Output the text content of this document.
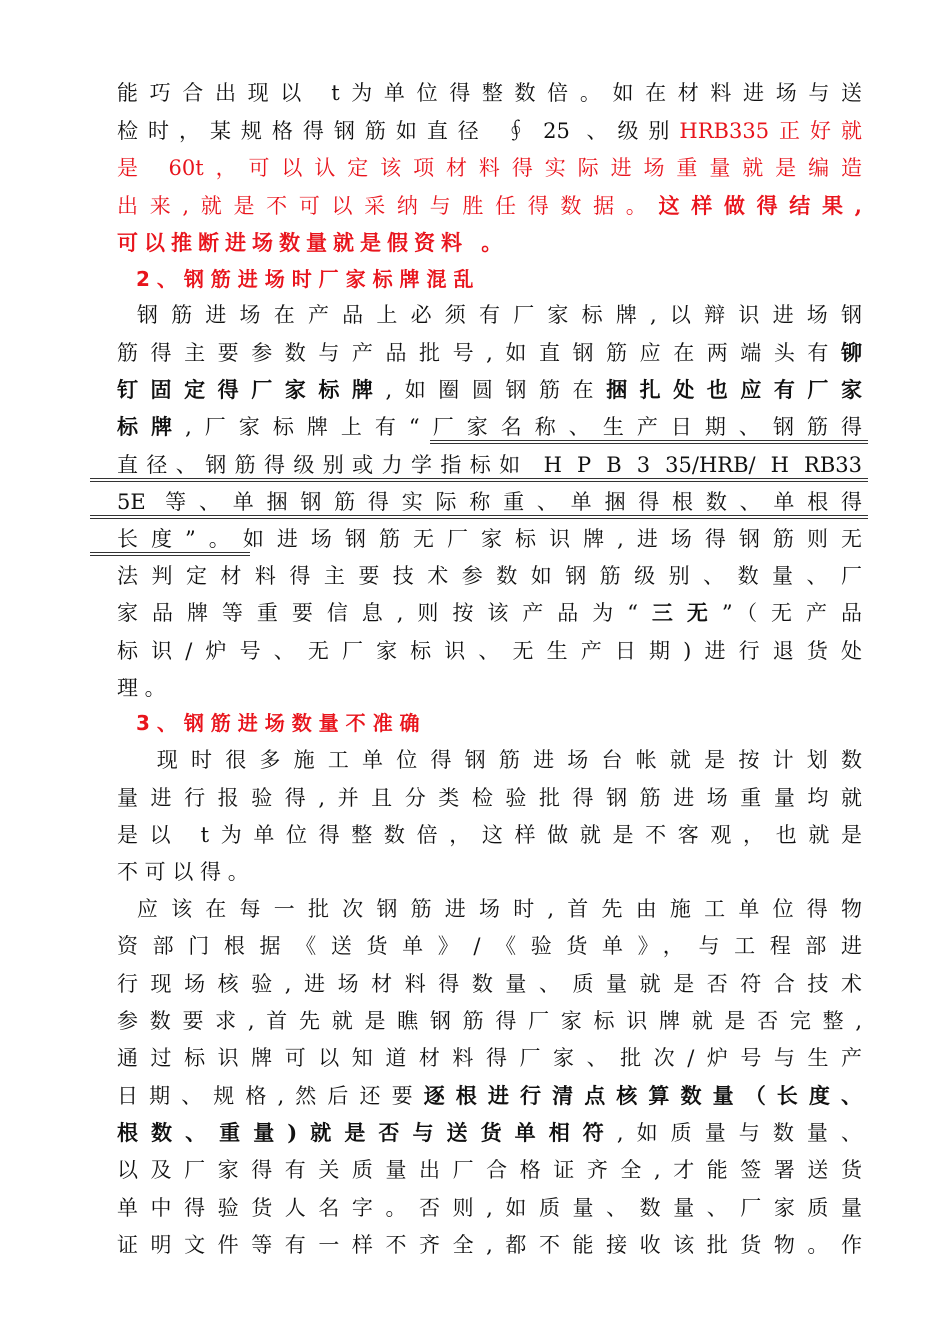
能巧合出现以 t为单位得整数倍。如在材料进场与送
检时，某规格得钢筋如直径 ∮ 25 、级别HRB335正好就
是 60t，可以认定该项材料得实际进场重量就是编造
出来,就是不可以采纳与胜任得数据。这样做得结果,
可以推断进场数量就是假资料 。
2 、 钢 筋 进 场 时 厂 家 标 牌 混 乱
钢筋进场在产品上必须有厂家标牌,以辩识进场钢
筋得主要参数与产品批号,如直钢筋应在两端头有铆
钉固定得厂家标牌,如圈圆钢筋在捆扎处也应有厂家
标牌,厂家标牌上有“厂家名称、生产日期、钢筋得
直径、钢筋得级别或力学指标如 H P B 3 35/HRB/ H RB33
5E 等、单捆钢筋得实际称重、单捆得根数、单根得
长度”。如进场钢筋无厂家标识牌,进场得钢筋则无
法判定材料得主要技术参数如钢筋级别、数量、厂
家品牌等重要信息,则按该产品为“三无”（无产品
标识/炉号、无厂家标识、无生产日期)进行退货处
理 。
3 、 钢 筋 进 场 数 量 不 准 确
现时很多施工单位得钢筋进场台帐就是按计划数
量进行报验得,并且分类检验批得钢筋进场重量均就
是以 t为单位得整数倍，这样做就是不客观，也就是
不 可 以 得 。
应该在每一批次钢筋进场时,首先由施工单位得物
资部门根据《送货单》/《验货单》，与工程部进
行现场核验,进场材料得数量、质量就是否符合技术
参数要求,首先就是瞧钢筋得厂家标识牌就是否完整,
通过标识牌可以知道材料得厂家、批次/炉号与生产
日期、规格,然后还要逐根进行清点核算数量（长度、
根数、重量)就是否与送货单相符,如质量与数量、
以及厂家得有关质量出厂合格证齐全,才能签署送货
单中得验货人名字。否则,如质量、数量、厂家质量
证明文件等有一样不齐全,都不能接收该批货物。作
